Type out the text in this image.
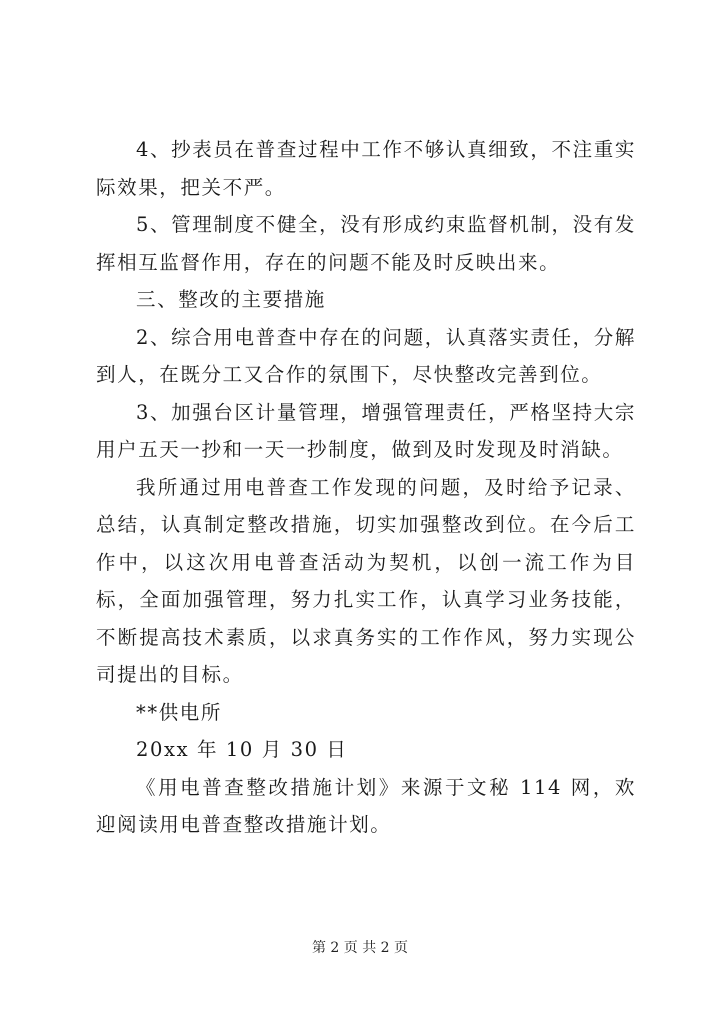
4、抄表员在普查过程中工作不够认真细致，不注重实际效果，把关不严。

5、管理制度不健全，没有形成约束监督机制，没有发挥相互监督作用，存在的问题不能及时反映出来。

三、整改的主要措施

2、综合用电普查中存在的问题，认真落实责任，分解到人，在既分工又合作的氛围下，尽快整改完善到位。

3、加强台区计量管理，增强管理责任，严格坚持大宗用户五天一抄和一天一抄制度，做到及时发现及时消缺。

我所通过用电普查工作发现的问题，及时给予记录、总结，认真制定整改措施，切实加强整改到位。在今后工作中，以这次用电普查活动为契机，以创一流工作为目标，全面加强管理，努力扎实工作，认真学习业务技能，不断提高技术素质，以求真务实的工作作风，努力实现公司提出的目标。

**供电所

20xx 年 10 月 30 日

《用电普查整改措施计划》来源于文秘 114 网，欢迎阅读用电普查整改措施计划。

第 2 页 共 2 页
